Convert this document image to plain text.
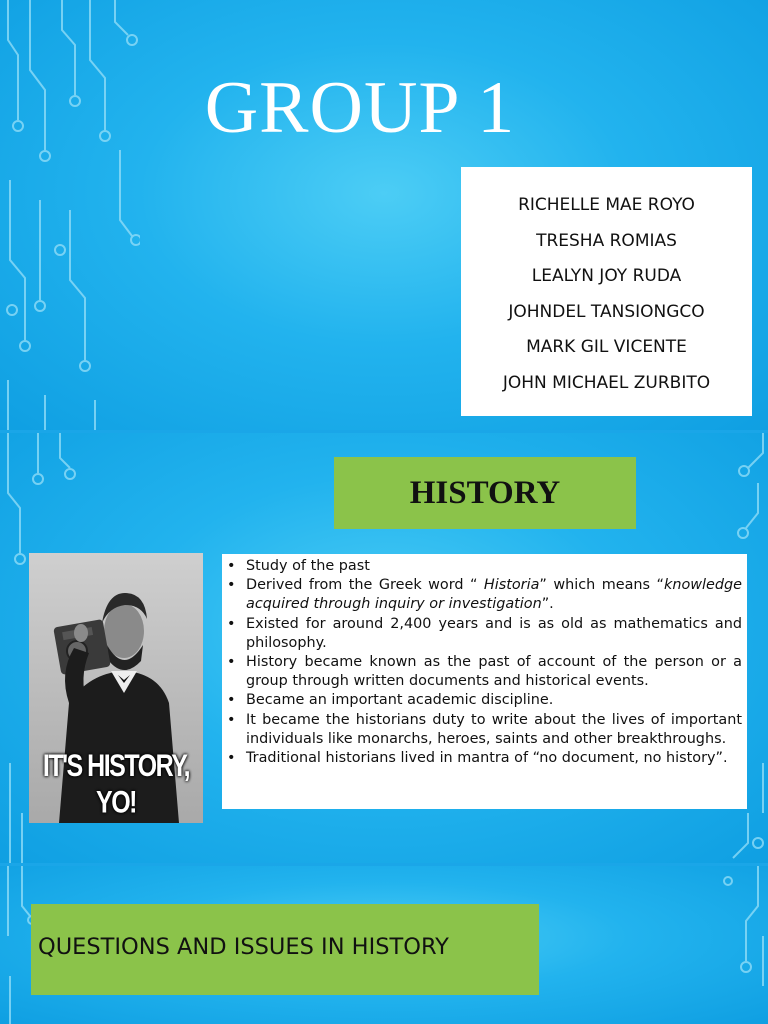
GROUP 1
RICHELLE MAE ROYO
TRESHA ROMIAS
LEALYN JOY RUDA
JOHNDEL TANSIONGCO
MARK GIL VICENTE
JOHN MICHAEL ZURBITO
HISTORY
IT'S HISTORY, YO!
• Study of the past
• Derived from the Greek word “ Historia” which means “knowledge acquired through inquiry or investigation”.
• Existed for around 2,400 years and is as old as mathematics and philosophy.
• History became known as the past of account of the person or a group through written documents and historical events.
• Became an important academic discipline.
• It became the historians duty to write about the lives of important individuals like monarchs, heroes, saints and other breakthroughs.
• Traditional historians lived in mantra of “no document, no history”.
QUESTIONS AND ISSUES IN HISTORY
